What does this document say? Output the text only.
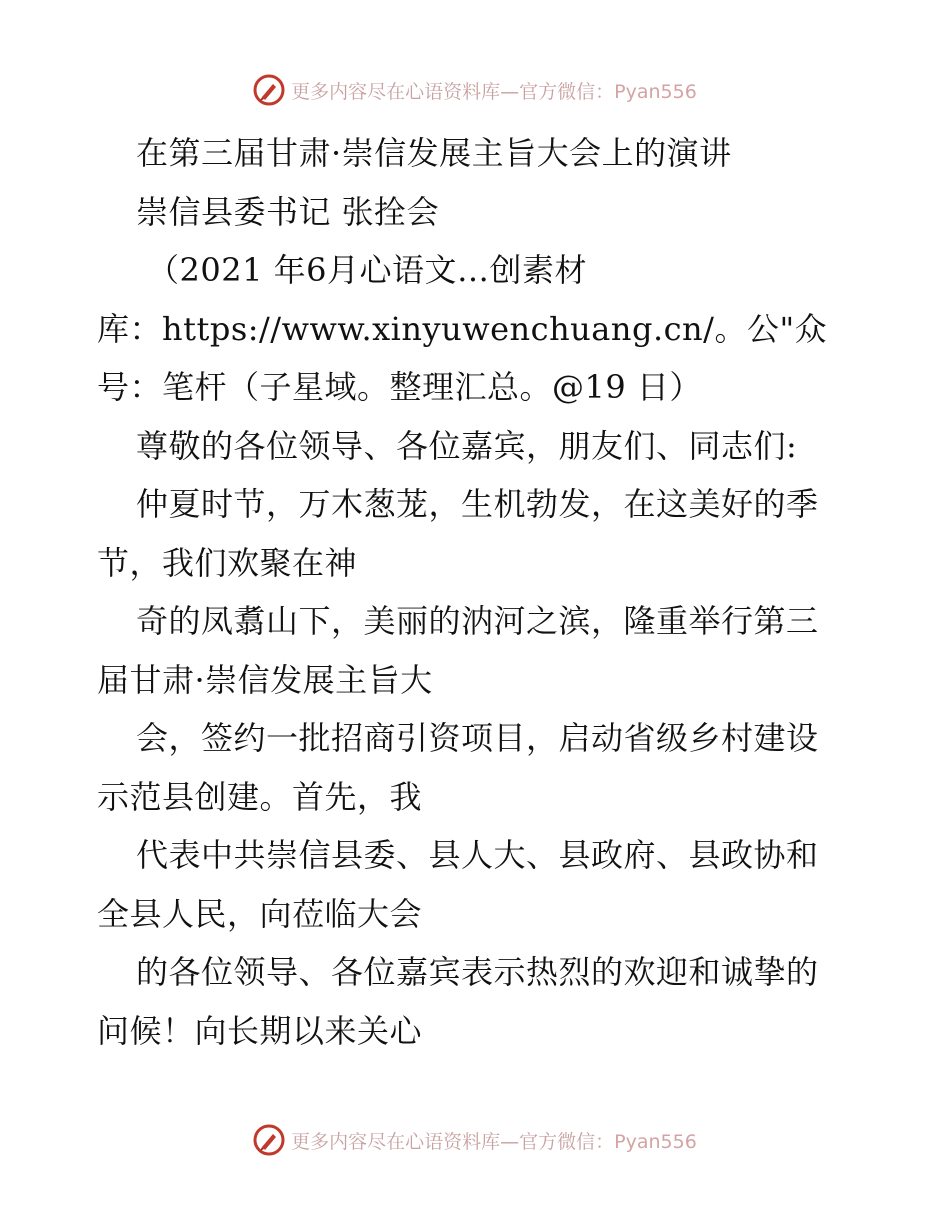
更多内容尽在心语资料库—官方微信：Pyan556
在第三届甘肃·崇信发展主旨大会上的演讲
崇信县委书记 张拴会
（2021 年6月心语文…创素材
库：https://www.xinyuwenchuang.cn/。公"众
号：笔杆（子星域。整理汇总。@19 日）
尊敬的各位领导、各位嘉宾，朋友们、同志们:
仲夏时节，万木葱茏，生机勃发，在这美好的季
节，我们欢聚在神
奇的凤翥山下，美丽的汭河之滨，隆重举行第三
届甘肃·崇信发展主旨大
会，签约一批招商引资项目，启动省级乡村建设
示范县创建。首先，我
代表中共崇信县委、县人大、县政府、县政协和
全县人民，向莅临大会
的各位领导、各位嘉宾表示热烈的欢迎和诚挚的
问候！向长期以来关心
更多内容尽在心语资料库—官方微信：Pyan556
